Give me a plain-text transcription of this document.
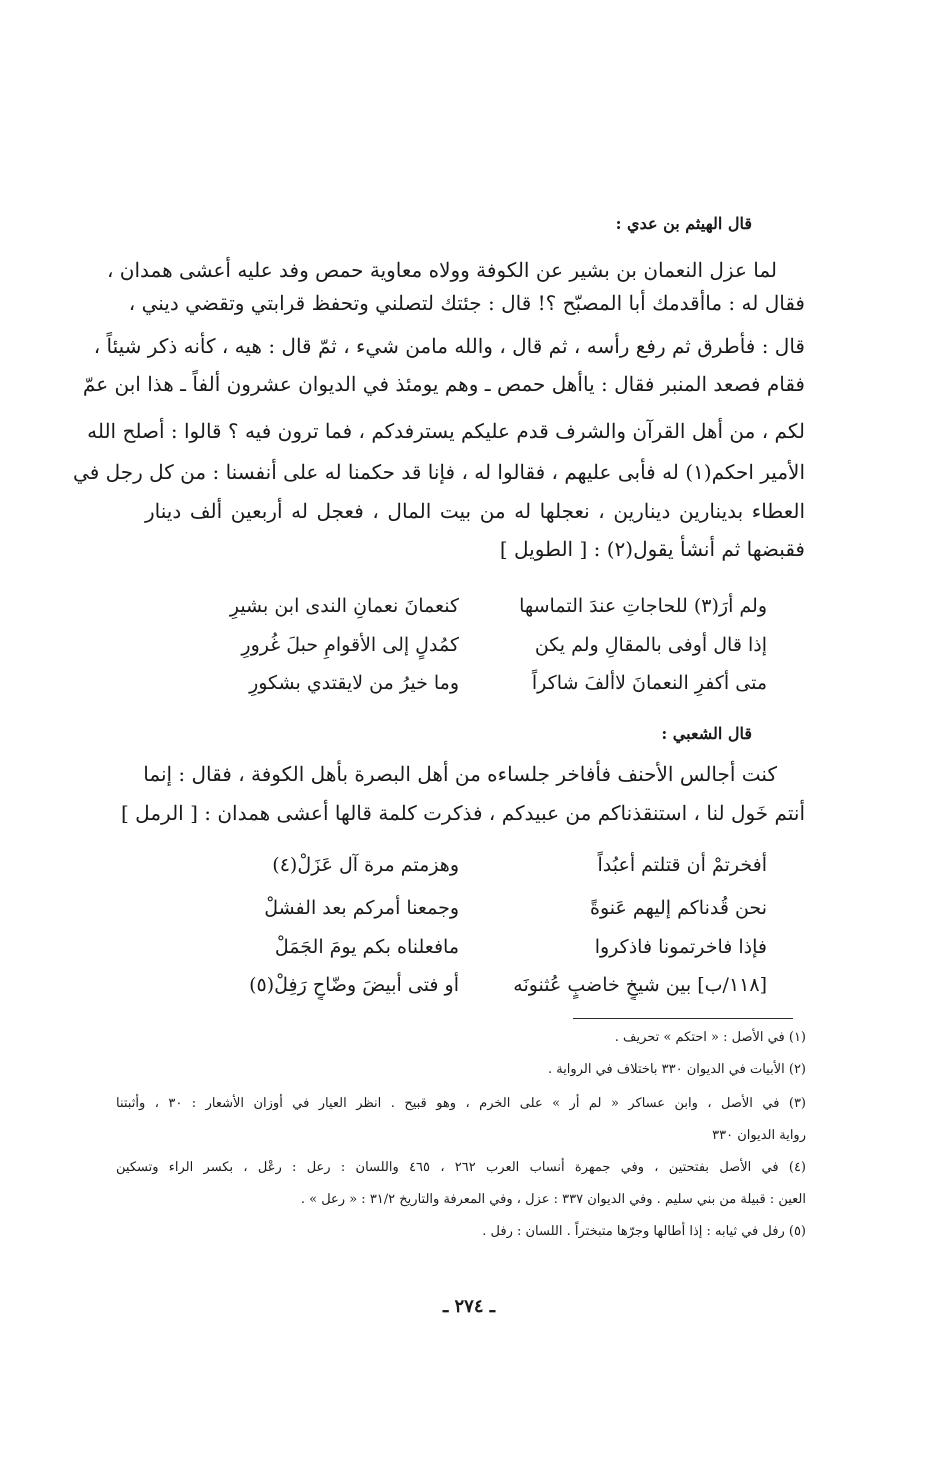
قال الهيثم بن عدي :
لما عزل النعمان بن بشير عن الكوفة وولاه معاوية حمص وفد عليه أعشى همدان ،
فقال له : ماأقدمك أبا المصبّح ؟! قال : جئتك لتصلني وتحفظ قرابتي وتقضي ديني ،
قال : فأطرق ثم رفع رأسه ، ثم قال ، والله مامن شيء ، ثمّ قال : هيه ، كأنه ذكر شيئاً ،
فقام فصعد المنبر فقال : ياأهل حمص ـ وهم يومئذ في الديوان عشرون ألفاً ـ هذا ابن عمّ
لكم ، من أهل القرآن والشرف قدم عليكم يسترفدكم ، فما ترون فيه ؟ قالوا : أصلح الله
الأمير احكم(١) له فأبى عليهم ، فقالوا له ، فإنا قد حكمنا له على أنفسنا : من كل رجل في
العطاء بدينارين دينارين ، نعجلها له من بيت المال ، فعجل له أربعين ألف دينار
فقبضها ثم أنشأ يقول(٢) : [ الطويل ]
ولم أرَ(٣) للحاجاتِ عندَ التماسها
كنعمانَ نعمانِ الندى ابن بشيرِ
إذا قال أوفى بالمقالِ ولم يكن
كمُدلٍ إلى الأقوامِ حبلَ غُرورِ
متى أكفرِ النعمانَ لاألفَ شاكراً
وما خيرُ من لايقتدي بشكورِ
قال الشعبي :
كنت أجالس الأحنف فأفاخر جلساءه من أهل البصرة بأهل الكوفة ، فقال : إنما
أنتم خَول لنا ، استنقذناكم من عبيدكم ، فذكرت كلمة قالها أعشى همدان : [ الرمل ]
أفخرتمْ أن قتلتم أعبُداً
وهزمتم مرة آل عَزَلْ(٤)
نحن قُدناكم إليهم عَنوةً
وجمعنا أمركم بعد الفشلْ
فإذا فاخرتمونا فاذكروا
مافعلناه بكم يومَ الجَمَلْ
[١١٨/ب] بين شيخٍ خاضبٍ عُثنونَه
أو فتى أبيضَ وضّاحٍ رَفِلْ(٥)
(١) في الأصل : « احتكم » تحريف .
(٢) الأبيات في الديوان ٣٣٠ باختلاف في الرواية .
(٣) في الأصل ، وابن عساكر « لم أر » على الخرم ، وهو قبيح . انظر العيار في أوزان الأشعار : ٣٠ ، وأثبتنا
رواية الديوان ٣٣٠
(٤) في الأصل بفتحتين ، وفي جمهرة أنساب العرب ٢٦٢ ، ٤٦٥ واللسان : رعل : رعْل ، بكسر الراء وتسكين
العين : قبيلة من بني سليم . وفي الديوان ٣٣٧ : عزل ، وفي المعرفة والتاريخ ٣١/٢ : « رعل » .
(٥) رفل في ثيابه : إذا أطالها وجرّها متبختراً . اللسان : رفل .
ـ ٢٧٤ ـ
